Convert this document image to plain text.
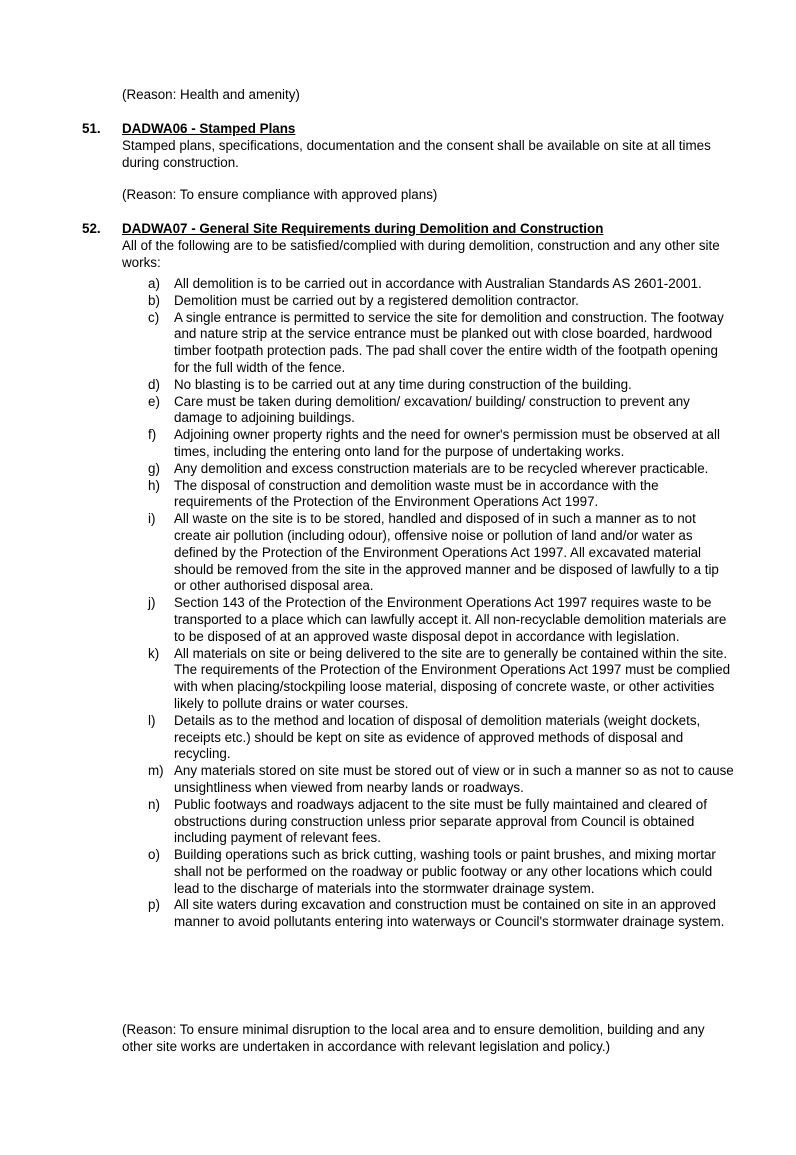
(Reason: Health and amenity)
51. DADWA06 - Stamped Plans
Stamped plans, specifications, documentation and the consent shall be available on site at all times during construction.
(Reason: To ensure compliance with approved plans)
52. DADWA07 - General Site Requirements during Demolition and Construction
All of the following are to be satisfied/complied with during demolition, construction and any other site works:
a)	All demolition is to be carried out in accordance with Australian Standards AS 2601-2001.
b)	Demolition must be carried out by a registered demolition contractor.
c)	A single entrance is permitted to service the site for demolition and construction. The footway and nature strip at the service entrance must be planked out with close boarded, hardwood timber footpath protection pads. The pad shall cover the entire width of the footpath opening for the full width of the fence.
d)	No blasting is to be carried out at any time during construction of the building.
e)	Care must be taken during demolition/ excavation/ building/ construction to prevent any damage to adjoining buildings.
f)	Adjoining owner property rights and the need for owner's permission must be observed at all times, including the entering onto land for the purpose of undertaking works.
g)	Any demolition and excess construction materials are to be recycled wherever practicable.
h)	The disposal of construction and demolition waste must be in accordance with the requirements of the Protection of the Environment Operations Act 1997.
i)	All waste on the site is to be stored, handled and disposed of in such a manner as to not create air pollution (including odour), offensive noise or pollution of land and/or water as defined by the Protection of the Environment Operations Act 1997. All excavated material should be removed from the site in the approved manner and be disposed of lawfully to a tip or other authorised disposal area.
j)	Section 143 of the Protection of the Environment Operations Act 1997 requires waste to be transported to a place which can lawfully accept it. All non-recyclable demolition materials are to be disposed of at an approved waste disposal depot in accordance with legislation.
k)	All materials on site or being delivered to the site are to generally be contained within the site. The requirements of the Protection of the Environment Operations Act 1997 must be complied with when placing/stockpiling loose material, disposing of concrete waste, or other activities likely to pollute drains or water courses.
l)	Details as to the method and location of disposal of demolition materials (weight dockets, receipts etc.) should be kept on site as evidence of approved methods of disposal and recycling.
m) Any materials stored on site must be stored out of view or in such a manner so as not to cause unsightliness when viewed from nearby lands or roadways.
n)	Public footways and roadways adjacent to the site must be fully maintained and cleared of obstructions during construction unless prior separate approval from Council is obtained including payment of relevant fees.
o)	Building operations such as brick cutting, washing tools or paint brushes, and mixing mortar shall not be performed on the roadway or public footway or any other locations which could lead to the discharge of materials into the stormwater drainage system.
p)	All site waters during excavation and construction must be contained on site in an approved manner to avoid pollutants entering into waterways or Council's stormwater drainage system.
(Reason: To ensure minimal disruption to the local area and to ensure demolition, building and any other site works are undertaken in accordance with relevant legislation and policy.)
